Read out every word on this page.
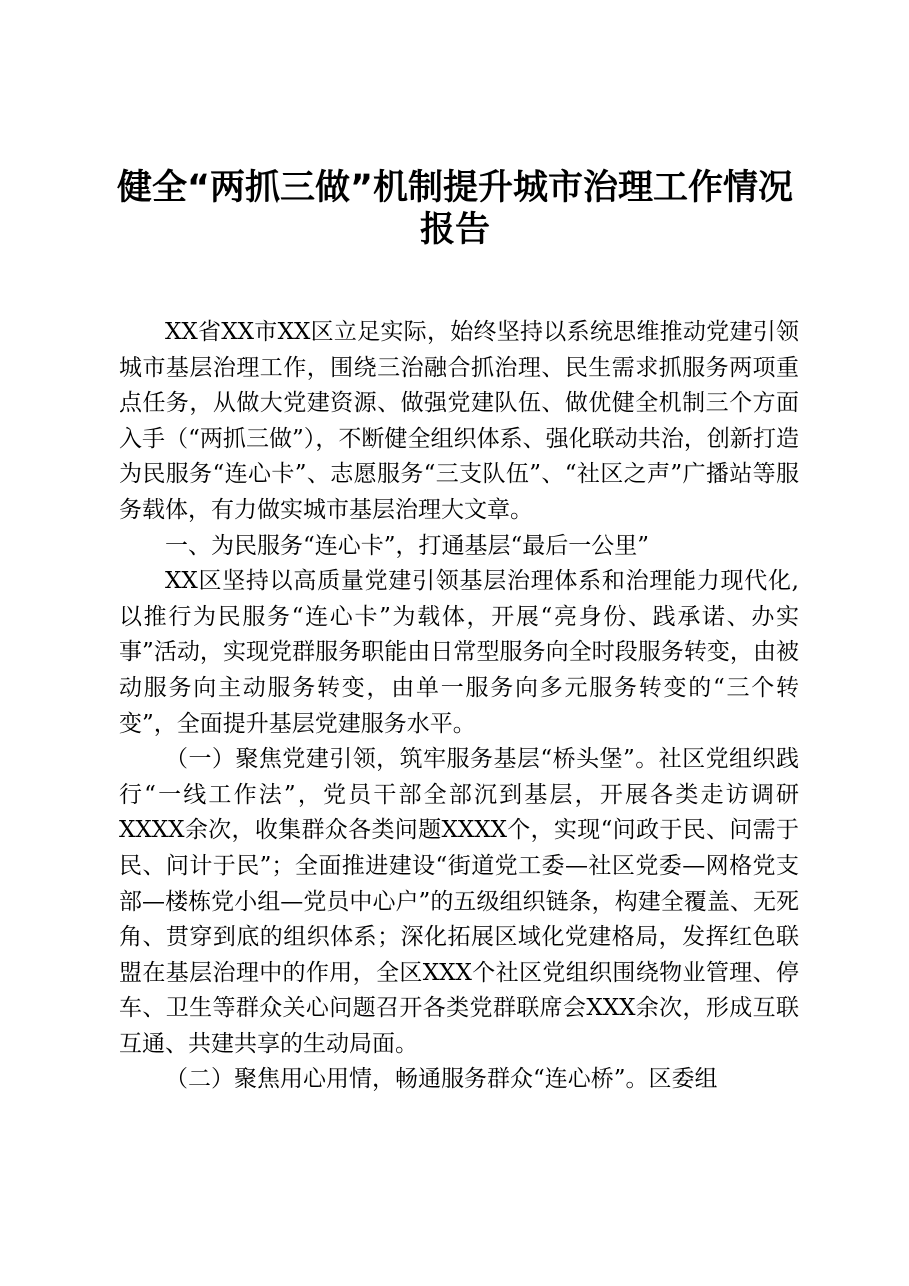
健全“两抓三做”机制提升城市治理工作情况
报告

XX省XX市XX区立足实际，始终坚持以系统思维推动党建引领城市基层治理工作，围绕三治融合抓治理、民生需求抓服务两项重点任务，从做大党建资源、做强党建队伍、做优健全机制三个方面入手（“两抓三做”），不断健全组织体系、强化联动共治，创新打造为民服务“连心卡”、志愿服务“三支队伍”、“社区之声”广播站等服务载体，有力做实城市基层治理大文章。

一、为民服务“连心卡”，打通基层“最后一公里”

XX区坚持以高质量党建引领基层治理体系和治理能力现代化,以推行为民服务“连心卡”为载体，开展“亮身份、践承诺、办实事”活动，实现党群服务职能由日常型服务向全时段服务转变，由被动服务向主动服务转变，由单一服务向多元服务转变的“三个转变”，全面提升基层党建服务水平。

（一）聚焦党建引领，筑牢服务基层“桥头堡”。社区党组织践行“一线工作法”，党员干部全部沉到基层，开展各类走访调研XXXX余次，收集群众各类问题XXXX个，实现“问政于民、问需于民、问计于民”；全面推进建设“街道党工委—社区党委—网格党支部—楼栋党小组—党员中心户”的五级组织链条，构建全覆盖、无死角、贯穿到底的组织体系；深化拓展区域化党建格局，发挥红色联盟在基层治理中的作用，全区XXX个社区党组织围绕物业管理、停车、卫生等群众关心问题召开各类党群联席会XXX余次，形成互联互通、共建共享的生动局面。

（二）聚焦用心用情，畅通服务群众“连心桥”。区委组
